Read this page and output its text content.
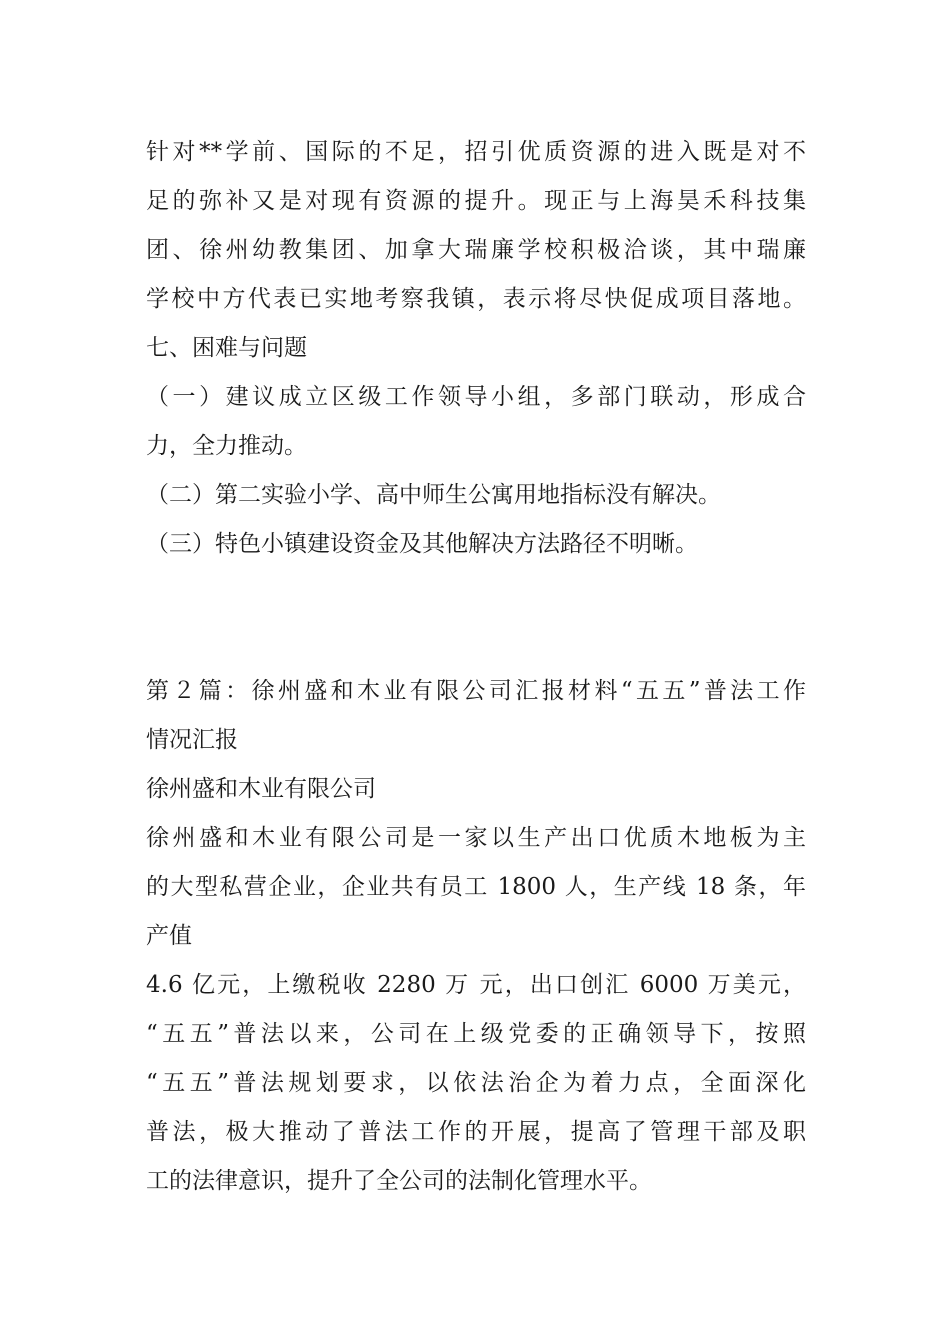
针对**学前、国际的不足，招引优质资源的进入既是对不
足的弥补又是对现有资源的提升。现正与上海昊禾科技集
团、徐州幼教集团、加拿大瑞廉学校积极洽谈，其中瑞廉
学校中方代表已实地考察我镇，表示将尽快促成项目落地。
七、困难与问题
（一）建议成立区级工作领导小组，多部门联动，形成合
力，全力推动。
（二）第二实验小学、高中师生公寓用地指标没有解决。
（三）特色小镇建设资金及其他解决方法路径不明晰。
第２篇：徐州盛和木业有限公司汇报材料“五五”普法工作
情况汇报
徐州盛和木业有限公司
徐州盛和木业有限公司是一家以生产出口优质木地板为主
的大型私营企业，企业共有员工 1800 人，生产线 18 条，年
产值
4.6 亿元，上缴税收 2280 万 元，出口创汇 6000 万美元，
“五五”普法以来，公司在上级党委的正确领导下，按照
“五五”普法规划要求，以依法治企为着力点，全面深化
普法，极大推动了普法工作的开展，提高了管理干部及职
工的法律意识，提升了全公司的法制化管理水平。
